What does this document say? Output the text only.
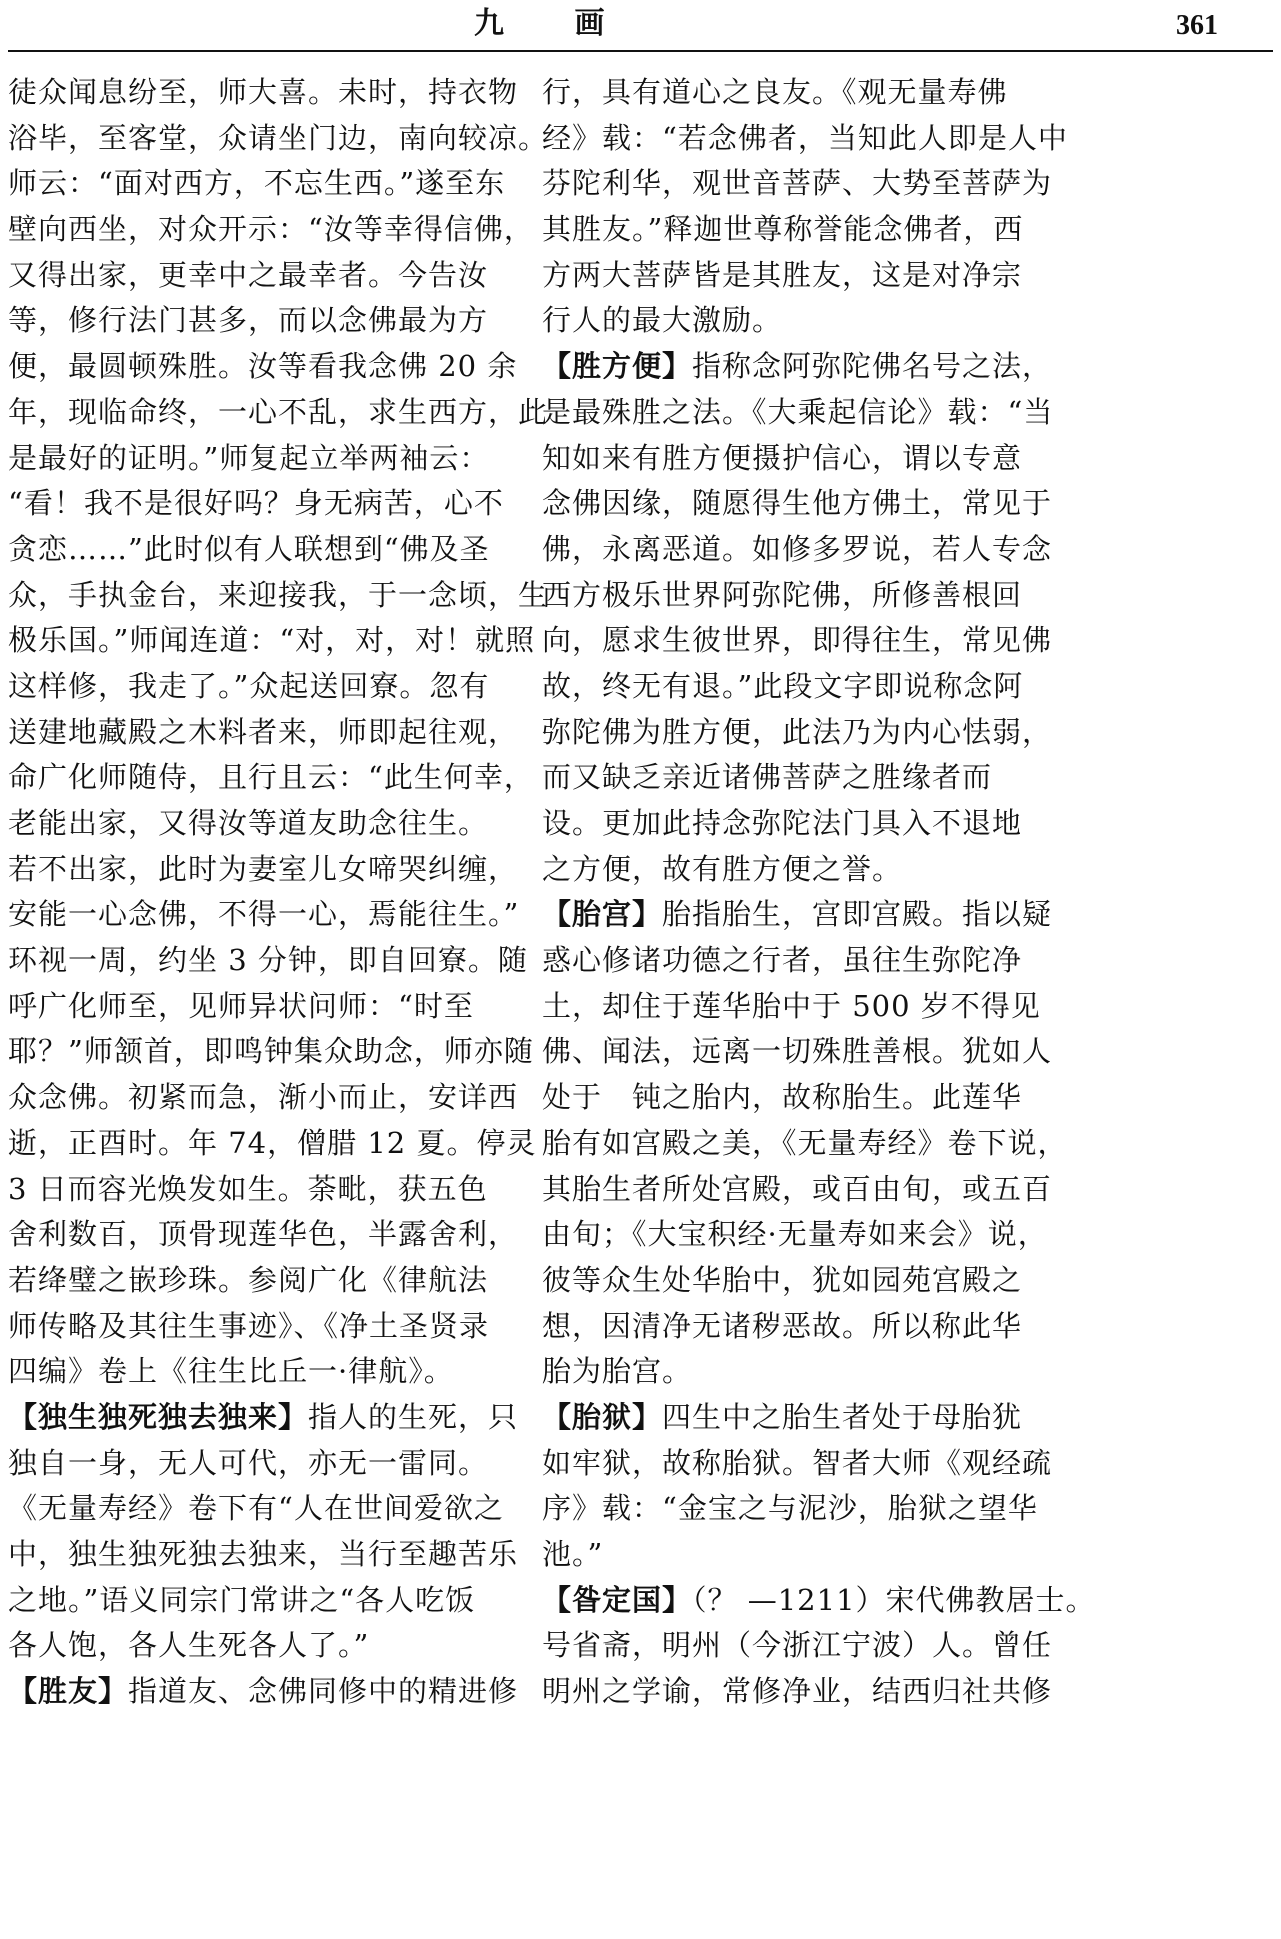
九 画	361
徒众闻息纷至，师大喜。未时，持衣物
浴毕，至客堂，众请坐门边，南向较凉。
师云：“面对西方，不忘生西。”遂至东
壁向西坐，对众开示：“汝等幸得信佛，
又得出家，更幸中之最幸者。今告汝
等，修行法门甚多，而以念佛最为方
便，最圆顿殊胜。汝等看我念佛 20 余
年，现临命终，一心不乱，求生西方，此
是最好的证明。”师复起立举两袖云：
“看！我不是很好吗？身无病苦，心不
贪恋……”此时似有人联想到“佛及圣
众，手执金台，来迎接我，于一念顷，生
极乐国。”师闻连道：“对，对，对！就照
这样修，我走了。”众起送回寮。忽有
送建地藏殿之木料者来，师即起往观，
命广化师随侍，且行且云：“此生何幸，
老能出家，又得汝等道友助念往生。
若不出家，此时为妻室儿女啼哭纠缠，
安能一心念佛，不得一心，焉能往生。”
环视一周，约坐 3 分钟，即自回寮。随
呼广化师至，见师异状问师：“时至
耶？”师颔首，即鸣钟集众助念，师亦随
众念佛。初紧而急，渐小而止，安详西
逝，正酉时。年 74，僧腊 12 夏。停灵
3 日而容光焕发如生。荼毗，获五色
舍利数百，顶骨现莲华色，半露舍利，
若绛璧之嵌珍珠。参阅广化《律航法
师传略及其往生事迹》、《净土圣贤录
四编》卷上《往生比丘一·律航》。
【独生独死独去独来】指人的生死，只
独自一身，无人可代，亦无一雷同。
《无量寿经》卷下有“人在世间爱欲之
中，独生独死独去独来，当行至趣苦乐
之地。”语义同宗门常讲之“各人吃饭
各人饱，各人生死各人了。”
【胜友】指道友、念佛同修中的精进修
行，具有道心之良友。《观无量寿佛
经》载：“若念佛者，当知此人即是人中
芬陀利华，观世音菩萨、大势至菩萨为
其胜友。”释迦世尊称誉能念佛者，西
方两大菩萨皆是其胜友，这是对净宗
行人的最大激励。
【胜方便】指称念阿弥陀佛名号之法，
是最殊胜之法。《大乘起信论》载：“当
知如来有胜方便摄护信心，谓以专意
念佛因缘，随愿得生他方佛土，常见于
佛，永离恶道。如修多罗说，若人专念
西方极乐世界阿弥陀佛，所修善根回
向，愿求生彼世界，即得往生，常见佛
故，终无有退。”此段文字即说称念阿
弥陀佛为胜方便，此法乃为内心怯弱，
而又缺乏亲近诸佛菩萨之胜缘者而
设。更加此持念弥陀法门具入不退地
之方便，故有胜方便之誉。
【胎宫】胎指胎生，宫即宫殿。指以疑
惑心修诸功德之行者，虽往生弥陀净
土，却住于莲华胎中于 500 岁不得见
佛、闻法，远离一切殊胜善根。犹如人
处于　钝之胎内，故称胎生。此莲华
胎有如宫殿之美，《无量寿经》卷下说，
其胎生者所处宫殿，或百由旬，或五百
由旬；《大宝积经·无量寿如来会》说，
彼等众生处华胎中，犹如园苑宫殿之
想，因清净无诸秽恶故。所以称此华
胎为胎宫。
【胎狱】四生中之胎生者处于母胎犹
如牢狱，故称胎狱。智者大师《观经疏
序》载：“金宝之与泥沙，胎狱之望华
池。”
【昝定国】（？ —1211）宋代佛教居士。
号省斋，明州（今浙江宁波）人。曾任
明州之学谕，常修净业，结西归社共修
